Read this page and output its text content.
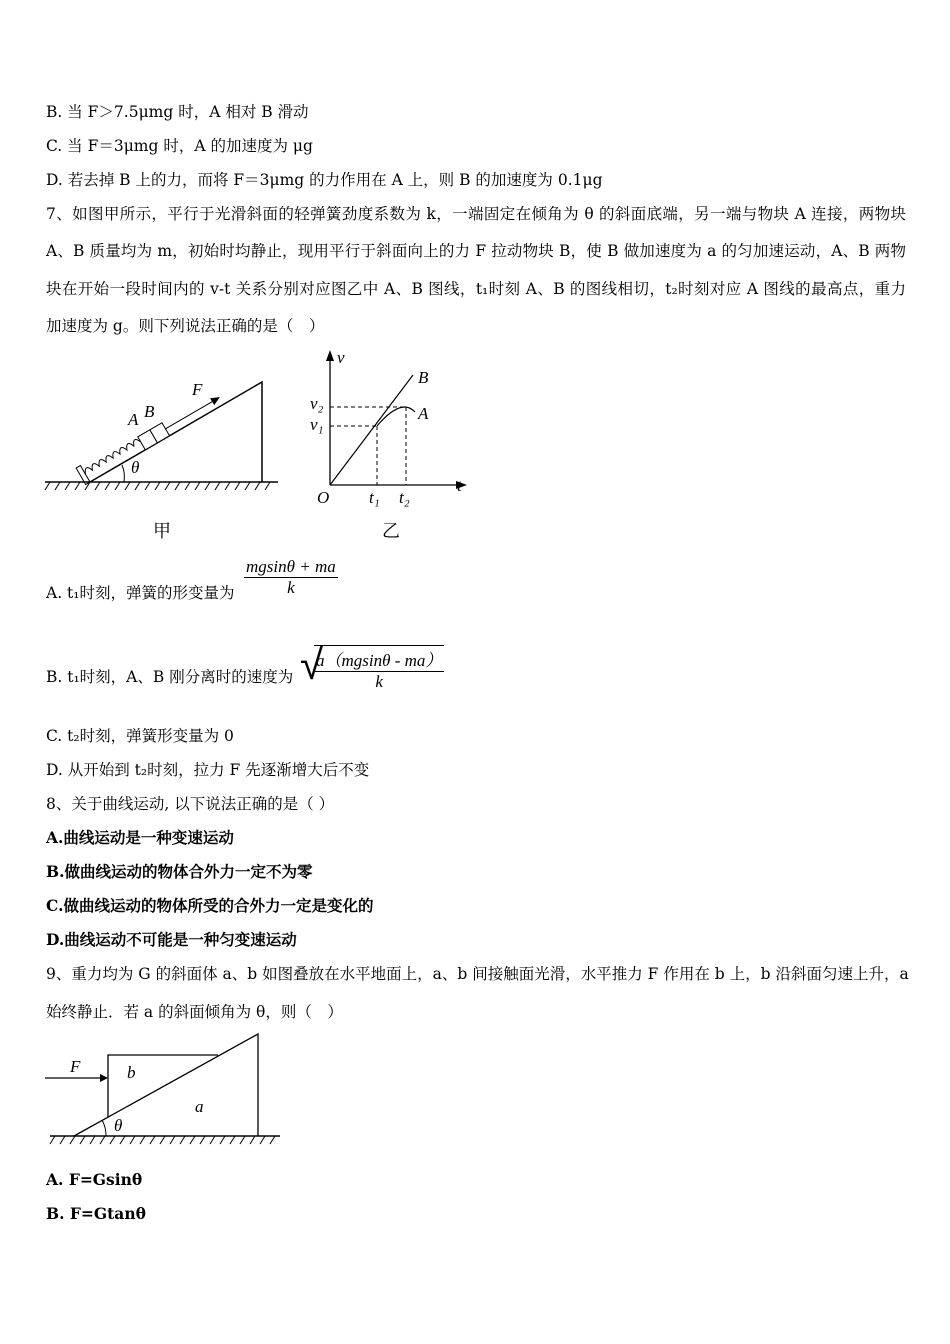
B. 当 F＞7.5μmg 时，A 相对 B 滑动
C. 当 F＝3μmg 时，A 的加速度为 μg
D. 若去掉 B 上的力，而将 F＝3μmg 的力作用在 A 上，则 B 的加速度为 0.1μg
7、如图甲所示，平行于光滑斜面的轻弹簧劲度系数为 k，一端固定在倾角为 θ 的斜面底端，另一端与物块 A 连接，两物块
A、B 质量均为 m，初始时均静止，现用平行于斜面向上的力 F 拉动物块 B，使 B 做加速度为 a 的匀加速运动，A、B 两物
块在开始一段时间内的 v-t 关系分别对应图乙中 A、B 图线，t₁时刻 A、B 的图线相切，t₂时刻对应 A 图线的最高点，重力
加速度为 g。则下列说法正确的是（　）
F
A B
θ
甲
v
B
A
v₂
v₁
O t₁ t₂
t
乙
A. t₁时刻，弹簧的形变量为 $\frac{mgsin\theta + ma}{k}$
B. t₁时刻，A、B 刚分离时的速度为 √
$\frac{a(mgsin\theta - ma)}{k}$
C. t₂时刻，弹簧形变量为 0
D. 从开始到 t₂时刻，拉力 F 先逐渐增大后不变
8、关于曲线运动, 以下说法正确的是（ ）
A.曲线运动是一种变速运动
B.做曲线运动的物体合外力一定不为零
C.做曲线运动的物体所受的合外力一定是变化的
D.曲线运动不可能是一种匀变速运动
9、重力均为 G 的斜面体 a、b 如图叠放在水平地面上，a、b 间接触面光滑，水平推力 F 作用在 b 上，b 沿斜面匀速上升，a
始终静止．若 a 的斜面倾角为 θ，则（　）
F	b
a
θ
A. F=Gsinθ
B. F=Gtanθ
